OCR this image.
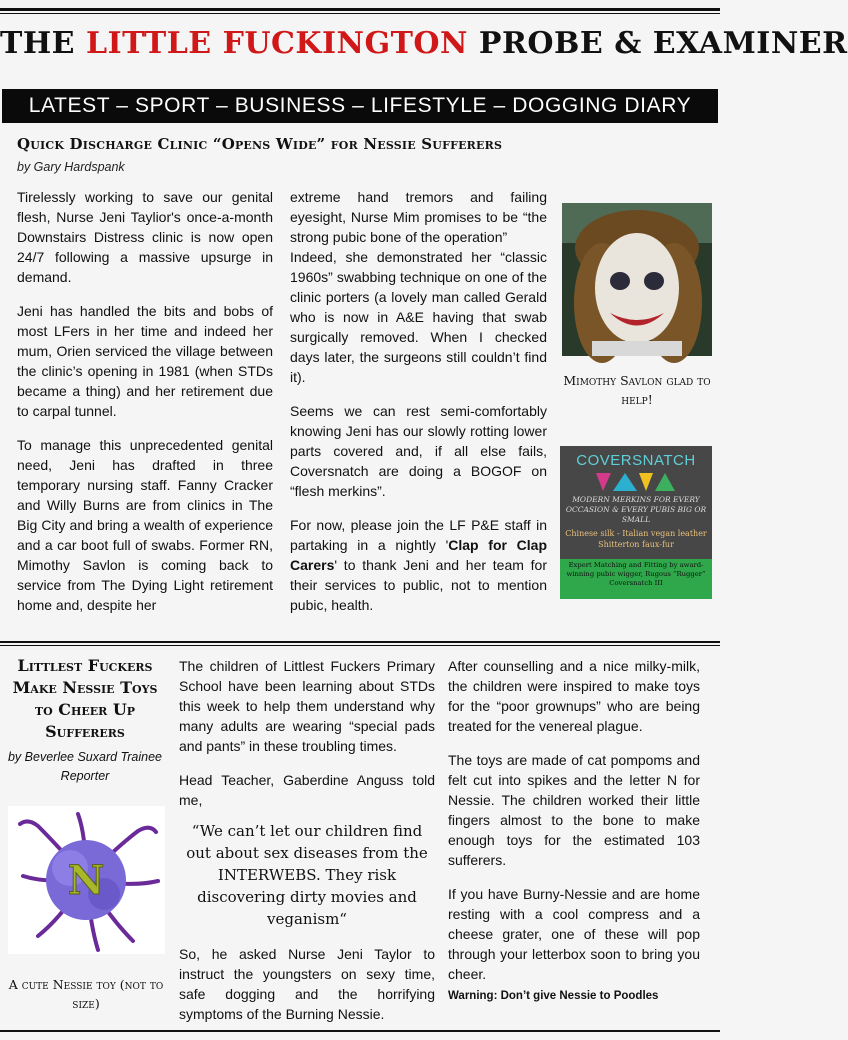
THE LITTLE FUCKINGTON PROBE & EXAMINER
LATEST – SPORT – BUSINESS – LIFESTYLE – DOGGING DIARY
Quick Discharge Clinic “Opens Wide” for Nessie Sufferers
by Gary Hardspank

Tirelessly working to save our genital flesh, Nurse Jeni Taylior's once-a-month Downstairs Distress clinic is now open 24/7 following a massive upsurge in demand.

Jeni has handled the bits and bobs of most LFers in her time and indeed her mum, Orien serviced the village between the clinic’s opening in 1981 (when STDs became a thing) and her retirement due to carpal tunnel.

To manage this unprecedented genital need, Jeni has drafted in three temporary nursing staff. Fanny Cracker and Willy Burns are from clinics in The Big City and bring a wealth of experience and a car boot full of swabs. Former RN, Mimothy Savlon is coming back to service from The Dying Light retirement home and, despite her

extreme hand tremors and failing eyesight, Nurse Mim promises to be “the strong pubic bone of the operation”

Indeed, she demonstrated her “classic 1960s” swabbing technique on one of the clinic porters (a lovely man called Gerald who is now in A&E having that swab surgically removed. When I checked days later, the surgeons still couldn’t find it).

Seems we can rest semi-comfortably knowing Jeni has our slowly rotting lower parts covered and, if all else fails, Coversnatch are doing a BOGOF on “flesh merkins”.

For now, please join the LF P&E staff in partaking in a nightly 'Clap for Clap Carers' to thank Jeni and her team for their services to public, not to mention pubic, health.

Mimothy Savlon glad to help!
COVERSNATCH
MODERN MERKINS FOR EVERY OCCASION & EVERY PUBIS BIG OR SMALL
Chinese silk - Italian vegan leather Shitterton faux-fur
Expert Matching and Fitting by award-winning pubic wigger, Rugous “Rugger” Coversnatch III
Littlest Fuckers Make Nessie Toys to Cheer Up Sufferers
by Beverlee Suxard Trainee Reporter
N
A cute Nessie toy (not to size)

The children of Littlest Fuckers Primary School have been learning about STDs this week to help them understand why many adults are wearing “special pads and pants” in these troubling times.

Head Teacher, Gaberdine Anguss told me,

“We can’t let our children find out about sex diseases from the INTERWEBS. They risk discovering dirty movies and veganism“

So, he asked Nurse Jeni Taylor to instruct the youngsters on sexy time, safe dogging and the horrifying symptoms of the Burning Nessie.

After counselling and a nice milky-milk, the children were inspired to make toys for the “poor grownups” who are being treated for the venereal plague.

The toys are made of cat pompoms and felt cut into spikes and the letter N for Nessie. The children worked their little fingers almost to the bone to make enough toys for the estimated 103 sufferers.

If you have Burny-Nessie and are home resting with a cool compress and a cheese grater, one of these will pop through your letterbox soon to bring you cheer.

Warning: Don’t give Nessie to Poodles
